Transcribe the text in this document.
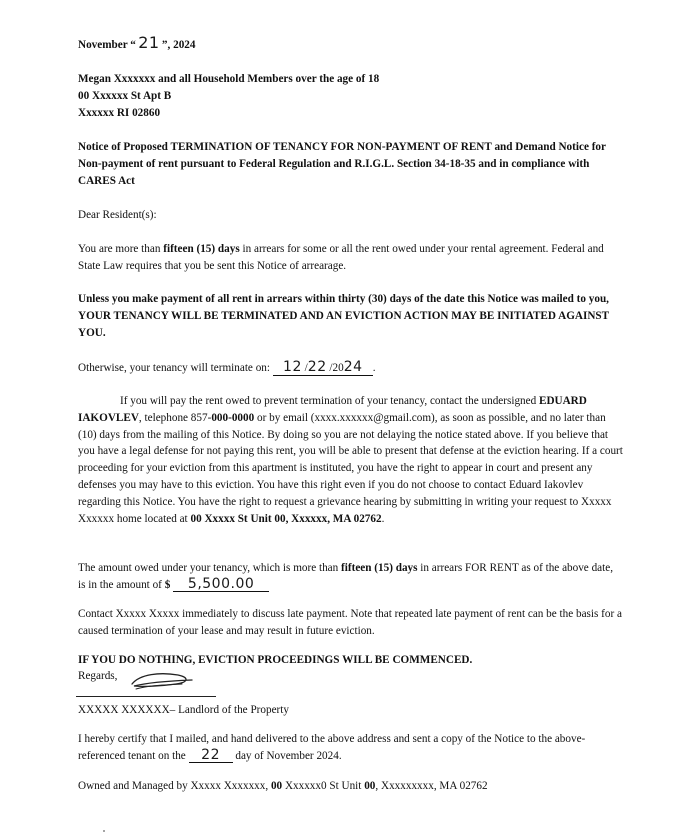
November “ 21 ”, 2024

Megan Xxxxxxx and all Household Members over the age of 18
00 Xxxxxx St Apt B
Xxxxxx RI 02860

Notice of Proposed TERMINATION OF TENANCY FOR NON-PAYMENT OF RENT and Demand Notice for Non-payment of rent pursuant to Federal Regulation and R.I.G.L. Section 34-18-35 and in compliance with CARES Act

Dear Resident(s):

You are more than fifteen (15) days in arrears for some or all the rent owed under your rental agreement. Federal and State Law requires that you be sent this Notice of arrearage.

Unless you make payment of all rent in arrears within thirty (30) days of the date this Notice was mailed to you, YOUR TENANCY WILL BE TERMINATED AND AN EVICTION ACTION MAY BE INITIATED AGAINST YOU.

Otherwise, your tenancy will terminate on: 12 /22 /2024 .

If you will pay the rent owed to prevent termination of your tenancy, contact the undersigned EDUARD IAKOVLEV, telephone 857-000-0000 or by email (xxxx.xxxxxx@gmail.com), as soon as possible, and no later than (10) days from the mailing of this Notice. By doing so you are not delaying the notice stated above. If you believe that you have a legal defense for not paying this rent, you will be able to present that defense at the eviction hearing. If a court proceeding for your eviction from this apartment is instituted, you have the right to appear in court and present any defenses you may have to this eviction. You have this right even if you do not choose to contact Eduard Iakovlev regarding this Notice. You have the right to request a grievance hearing by submitting in writing your request to Xxxxx Xxxxxx home located at 00 Xxxxx St Unit 00, Xxxxxx, MA 02762.

The amount owed under your tenancy, which is more than fifteen (15) days in arrears FOR RENT as of the above date, is in the amount of $ 5,500.00

Contact Xxxxx Xxxxx immediately to discuss late payment. Note that repeated late payment of rent can be the basis for a caused termination of your lease and may result in future eviction.

IF YOU DO NOTHING, EVICTION PROCEEDINGS WILL BE COMMENCED.

Regards,

XXXXX XXXXXX– Landlord of the Property

I hereby certify that I mailed, and hand delivered to the above address and sent a copy of the Notice to the above-referenced tenant on the 22 day of November 2024.

Owned and Managed by Xxxxx Xxxxxxx, 00 Xxxxxx0 St Unit 00, Xxxxxxxxx, MA 02762
